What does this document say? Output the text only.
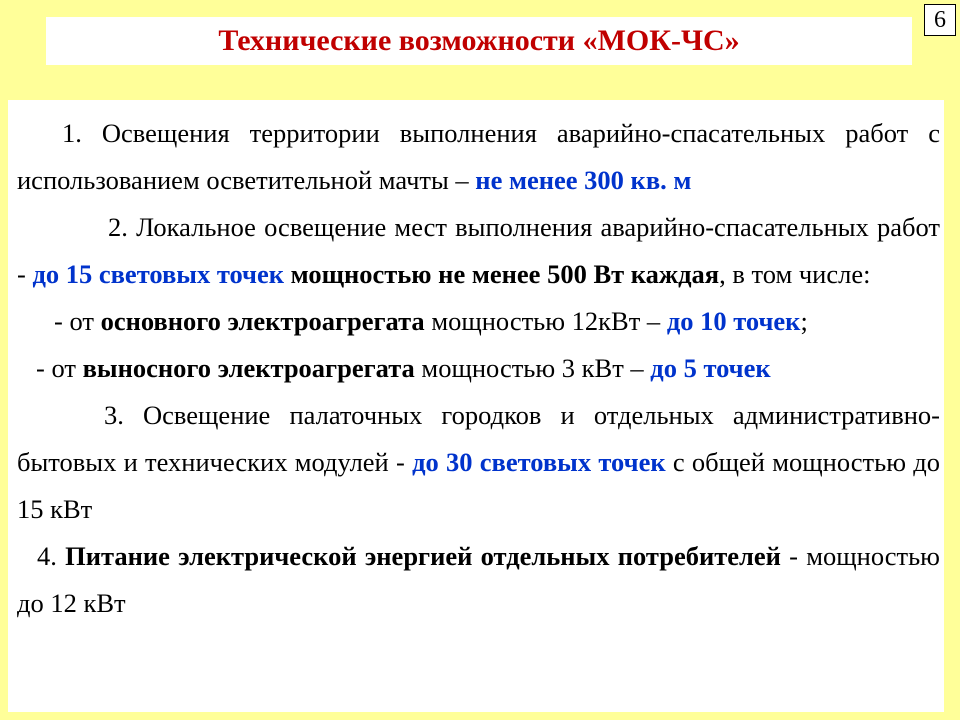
6
Технические возможности «МОК-ЧС»

1. Освещения территории выполнения аварийно-спасательных работ с использованием осветительной мачты – не менее 300 кв. м

2. Локальное освещение мест выполнения аварийно-спасательных работ - до 15 световых точек мощностью не менее 500 Вт каждая, в том числе:

- от основного электроагрегата мощностью 12кВт – до 10 точек;

- от выносного электроагрегата мощностью 3 кВт – до 5 точек

3. Освещение палаточных городков и отдельных административно-бытовых и технических модулей - до 30 световых точек с общей мощностью до 15 кВт

4. Питание электрической энергией отдельных потребителей - мощностью до 12 кВт
